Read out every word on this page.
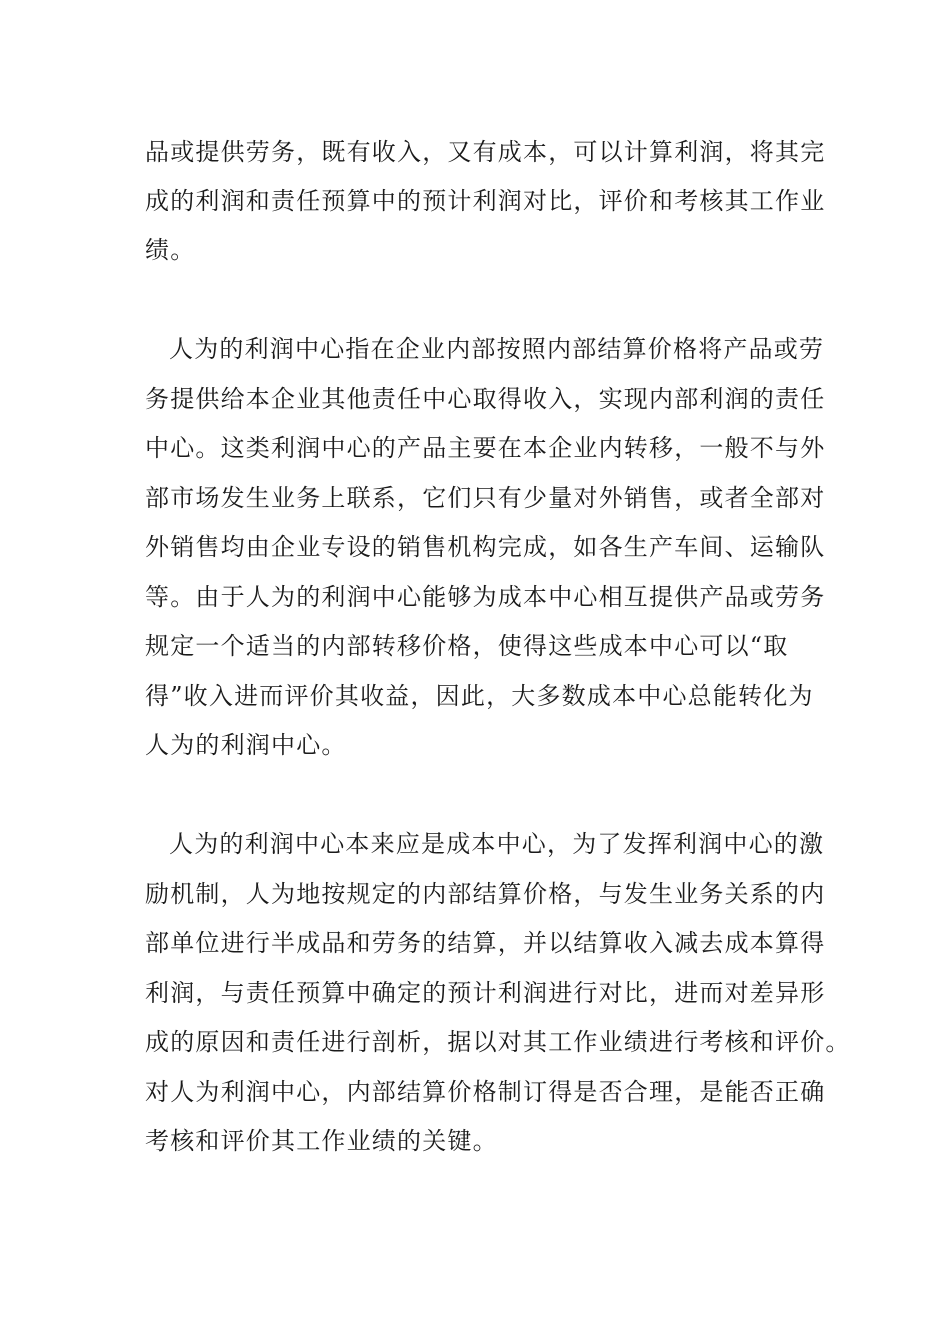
品或提供劳务，既有收入，又有成本，可以计算利润，将其完

成的利润和责任预算中的预计利润对比，评价和考核其工作业

绩。

人为的利润中心指在企业内部按照内部结算价格将产品或劳

务提供给本企业其他责任中心取得收入，实现内部利润的责任

中心。这类利润中心的产品主要在本企业内转移，一般不与外

部市场发生业务上联系，它们只有少量对外销售，或者全部对

外销售均由企业专设的销售机构完成，如各生产车间、运输队

等。由于人为的利润中心能够为成本中心相互提供产品或劳务

规定一个适当的内部转移价格，使得这些成本中心可以“取

得”收入进而评价其收益，因此，大多数成本中心总能转化为

人为的利润中心。

人为的利润中心本来应是成本中心，为了发挥利润中心的激

励机制，人为地按规定的内部结算价格，与发生业务关系的内

部单位进行半成品和劳务的结算，并以结算收入减去成本算得

利润，与责任预算中确定的预计利润进行对比，进而对差异形

成的原因和责任进行剖析，据以对其工作业绩进行考核和评价。

对人为利润中心，内部结算价格制订得是否合理，是能否正确

考核和评价其工作业绩的关键。
